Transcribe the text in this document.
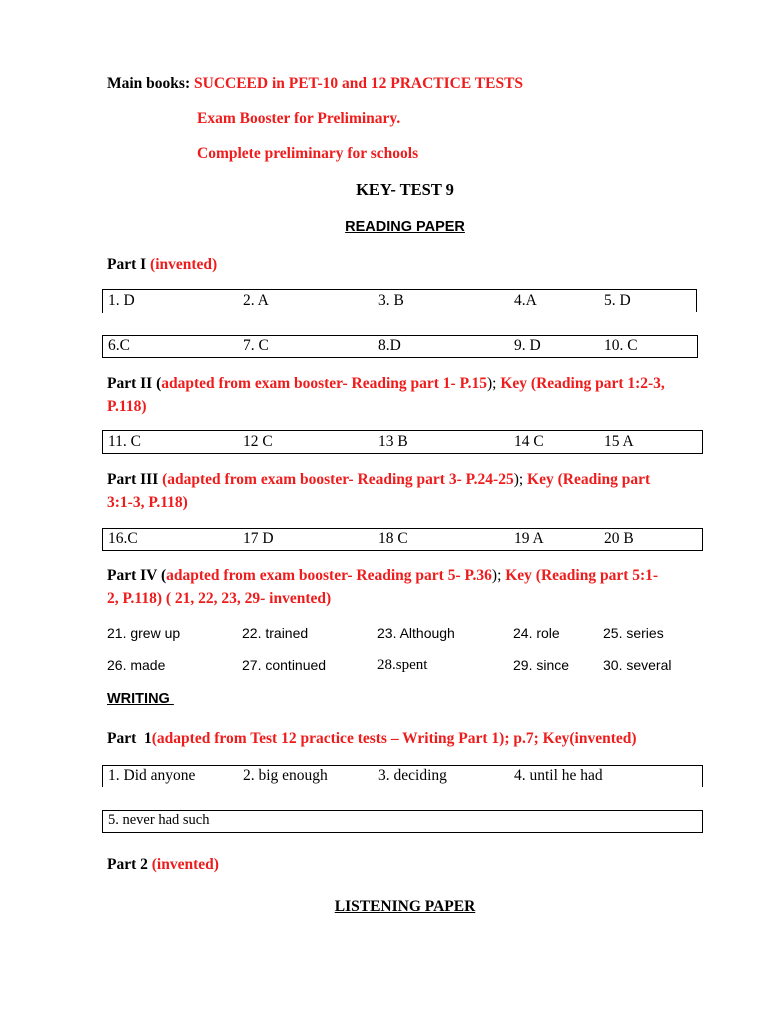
Main books: SUCCEED in PET-10 and 12 PRACTICE TESTS
Exam Booster for Preliminary.
Complete preliminary for schools
KEY- TEST 9
READING PAPER
Part I (invented)
1. D	2. A	3. B	4.A	5. D
6.C	7. C	8.D	9. D	10. C
Part II (adapted from exam booster- Reading part 1- P.15); Key (Reading part 1:2-3,
P.118)
11. C	12 C	13 B	14 C	15 A
Part III (adapted from exam booster- Reading part 3- P.24-25); Key (Reading part
3:1-3, P.118)
16.C	17 D	18 C	19 A	20 B
Part IV (adapted from exam booster- Reading part 5- P.36); Key (Reading part 5:1-
2, P.118) ( 21, 22, 23, 29- invented)
21. grew up	22. trained	23. Although	24. role	25. series
26. made	27. continued	28.spent	29. since 30. several
WRITING
Part  1(adapted from Test 12 practice tests – Writing Part 1); p.7; Key(invented)
1. Did anyone	2. big enough	3. deciding	4. until he had
5. never had such
Part 2 (invented)
LISTENING PAPER
